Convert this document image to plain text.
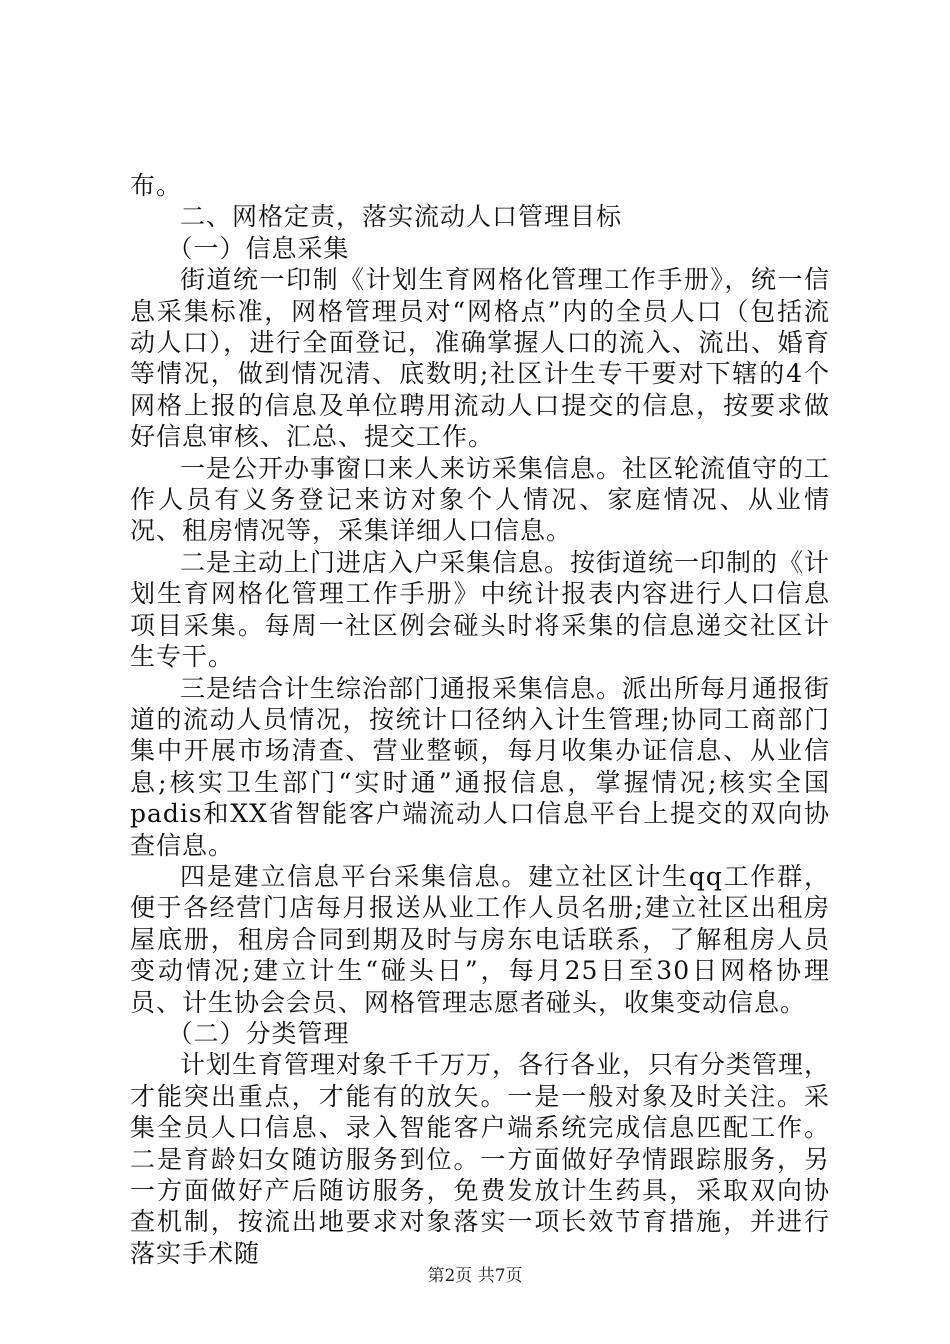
布。

二、网格定责，落实流动人口管理目标

（一）信息采集

街道统一印制《计划生育网格化管理工作手册》，统一信息采集标准，网格管理员对“网格点”内的全员人口（包括流动人口），进行全面登记，准确掌握人口的流入、流出、婚育等情况，做到情况清、底数明;社区计生专干要对下辖的4个网格上报的信息及单位聘用流动人口提交的信息，按要求做好信息审核、汇总、提交工作。

一是公开办事窗口来人来访采集信息。社区轮流值守的工作人员有义务登记来访对象个人情况、家庭情况、从业情况、租房情况等，采集详细人口信息。

二是主动上门进店入户采集信息。按街道统一印制的《计划生育网格化管理工作手册》中统计报表内容进行人口信息项目采集。每周一社区例会碰头时将采集的信息递交社区计生专干。

三是结合计生综治部门通报采集信息。派出所每月通报街道的流动人员情况，按统计口径纳入计生管理;协同工商部门集中开展市场清查、营业整顿，每月收集办证信息、从业信息;核实卫生部门“实时通”通报信息，掌握情况;核实全国padis和XX省智能客户端流动人口信息平台上提交的双向协查信息。

四是建立信息平台采集信息。建立社区计生qq工作群，便于各经营门店每月报送从业工作人员名册;建立社区出租房屋底册，租房合同到期及时与房东电话联系，了解租房人员变动情况;建立计生“碰头日”，每月25日至30日网格协理员、计生协会会员、网格管理志愿者碰头，收集变动信息。

（二）分类管理

计划生育管理对象千千万万，各行各业，只有分类管理，才能突出重点，才能有的放矢。一是一般对象及时关注。采集全员人口信息、录入智能客户端系统完成信息匹配工作。二是育龄妇女随访服务到位。一方面做好孕情跟踪服务，另一方面做好产后随访服务，免费发放计生药具，采取双向协查机制，按流出地要求对象落实一项长效节育措施，并进行落实手术随

第2页 共7页
